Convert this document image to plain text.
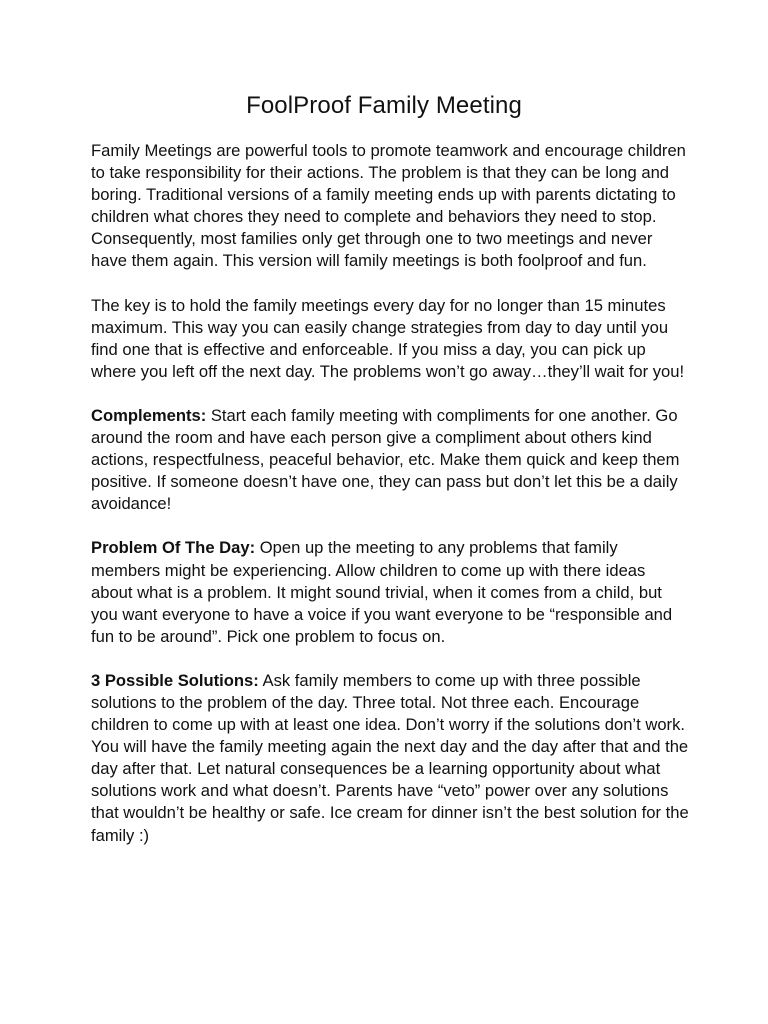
FoolProof Family Meeting

Family Meetings are powerful tools to promote teamwork and encourage children to take responsibility for their actions. The problem is that they can be long and boring. Traditional versions of a family meeting ends up with parents dictating to children what chores they need to complete and behaviors they need to stop. Consequently, most families only get through one to two meetings and never have them again. This version will family meetings is both foolproof and fun.

The key is to hold the family meetings every day for no longer than 15 minutes maximum. This way you can easily change strategies from day to day until you find one that is effective and enforceable. If you miss a day, you can pick up where you left off the next day. The problems won’t go away…they’ll wait for you!

Complements: Start each family meeting with compliments for one another. Go around the room and have each person give a compliment about others kind actions, respectfulness, peaceful behavior, etc. Make them quick and keep them positive. If someone doesn’t have one, they can pass but don’t let this be a daily avoidance!

Problem Of The Day: Open up the meeting to any problems that family members might be experiencing. Allow children to come up with there ideas about what is a problem. It might sound trivial, when it comes from a child, but you want everyone to have a voice if you want everyone to be “responsible and fun to be around”. Pick one problem to focus on.

3 Possible Solutions: Ask family members to come up with three possible solutions to the problem of the day. Three total. Not three each. Encourage children to come up with at least one idea. Don’t worry if the solutions don’t work. You will have the family meeting again the next day and the day after that and the day after that. Let natural consequences be a learning opportunity about what solutions work and what doesn’t. Parents have “veto” power over any solutions that wouldn’t be healthy or safe. Ice cream for dinner isn’t the best solution for the family :)
